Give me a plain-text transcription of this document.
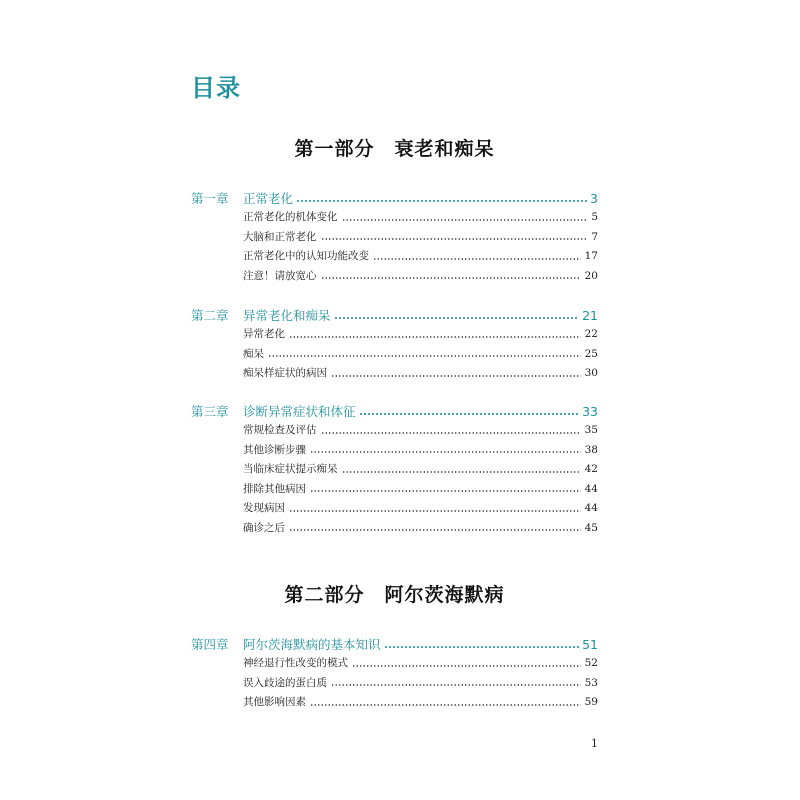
目录
第一部分　衰老和痴呆
第一章	正常老化	3
正常老化的机体变化	5
大脑和正常老化	7
正常老化中的认知功能改变	17
注意！请放宽心	20
第二章	异常老化和痴呆	21
异常老化	22
痴呆	25
痴呆样症状的病因	30
第三章	诊断异常症状和体征	33
常规检查及评估	35
其他诊断步骤	38
当临床症状提示痴呆	42
排除其他病因	44
发现病因	44
确诊之后	45
第二部分　阿尔茨海默病
第四章	阿尔茨海默病的基本知识	51
神经退行性改变的模式	52
误入歧途的蛋白质	53
其他影响因素	59
1
